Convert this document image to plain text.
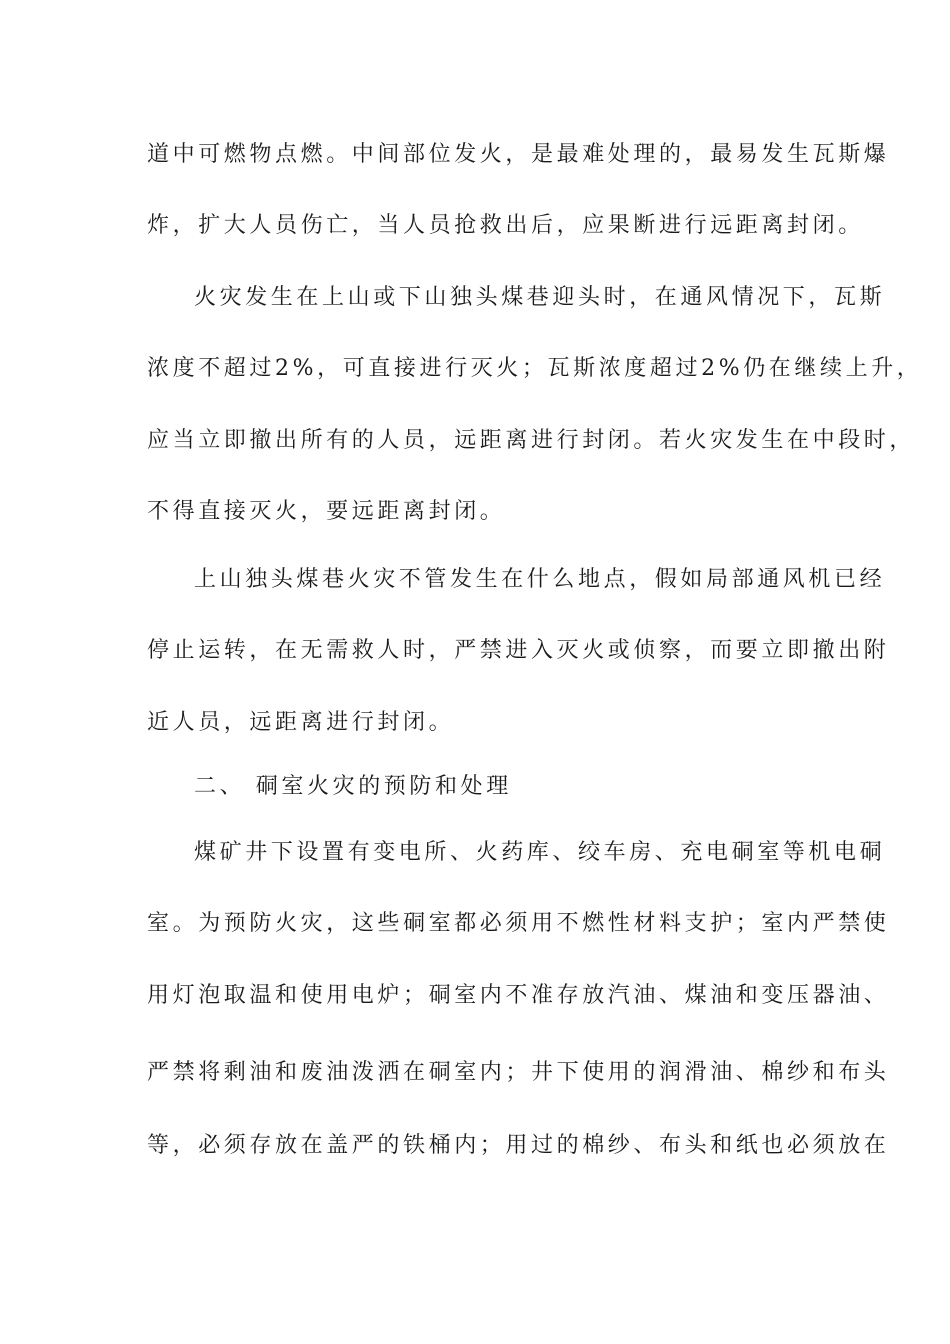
道中可燃物点燃。中间部位发火，是最难处理的，最易发生瓦斯爆
炸，扩大人员伤亡，当人员抢救出后，应果断进行远距离封闭。
火灾发生在上山或下山独头煤巷迎头时，在通风情况下，瓦斯
浓度不超过2%，可直接进行灭火；瓦斯浓度超过2%仍在继续上升，
应当立即撤出所有的人员，远距离进行封闭。若火灾发生在中段时，
不得直接灭火，要远距离封闭。
上山独头煤巷火灾不管发生在什么地点，假如局部通风机已经
停止运转，在无需救人时，严禁进入灭火或侦察，而要立即撤出附
近人员，远距离进行封闭。
二、 硐室火灾的预防和处理
煤矿井下设置有变电所、火药库、绞车房、充电硐室等机电硐
室。为预防火灾，这些硐室都必须用不燃性材料支护；室内严禁使
用灯泡取温和使用电炉；硐室内不准存放汽油、煤油和变压器油、
严禁将剩油和废油泼洒在硐室内；井下使用的润滑油、棉纱和布头
等，必须存放在盖严的铁桶内；用过的棉纱、布头和纸也必须放在
